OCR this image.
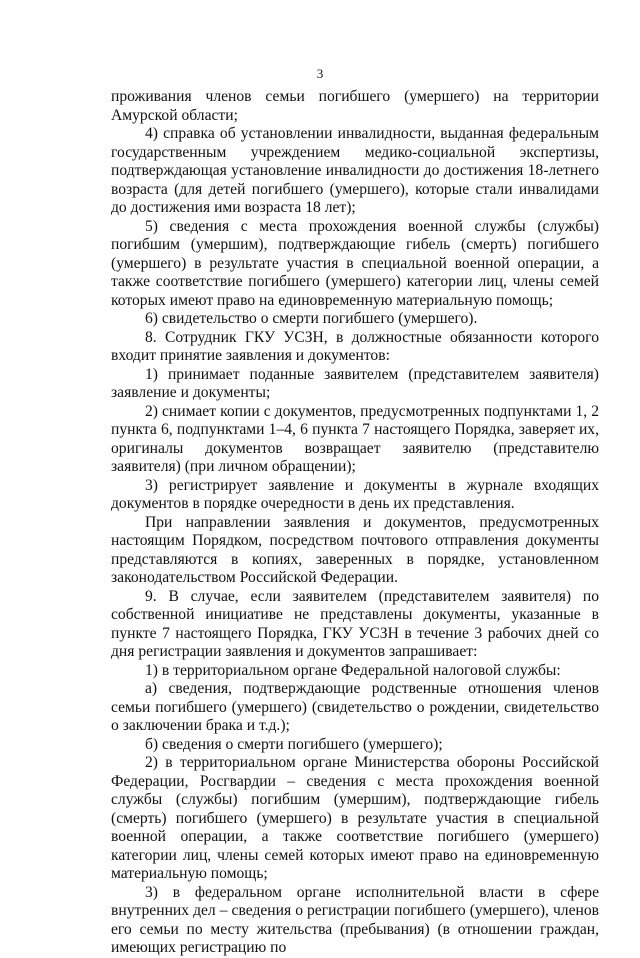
3

проживания членов семьи погибшего (умершего) на территории Амурской области;

4) справка об установлении инвалидности, выданная федеральным государственным учреждением медико-социальной экспертизы, подтверждающая установление инвалидности до достижения 18-летнего возраста (для детей погибшего (умершего), которые стали инвалидами до достижения ими возраста 18 лет);

5) сведения с места прохождения военной службы (службы) погибшим (умершим), подтверждающие гибель (смерть) погибшего (умершего) в результате участия в специальной военной операции, а также соответствие погибшего (умершего) категории лиц, члены семей которых имеют право на единовременную материальную помощь;

6) свидетельство о смерти погибшего (умершего).

8. Сотрудник ГКУ УСЗН, в должностные обязанности которого входит принятие заявления и документов:

1) принимает поданные заявителем (представителем заявителя) заявление и документы;

2) снимает копии с документов, предусмотренных подпунктами 1, 2 пункта 6, подпунктами 1–4, 6 пункта 7 настоящего Порядка, заверяет их, оригиналы документов возвращает заявителю (представителю заявителя) (при личном обращении);

3) регистрирует заявление и документы в журнале входящих документов в порядке очередности в день их представления.

При направлении заявления и документов, предусмотренных настоящим Порядком, посредством почтового отправления документы представляются в копиях, заверенных в порядке, установленном законодательством Российской Федерации.

9. В случае, если заявителем (представителем заявителя) по собственной инициативе не представлены документы, указанные в пункте 7 настоящего Порядка, ГКУ УСЗН в течение 3 рабочих дней со дня регистрации заявления и документов запрашивает:

1) в территориальном органе Федеральной налоговой службы:

а) сведения, подтверждающие родственные отношения членов семьи погибшего (умершего) (свидетельство о рождении, свидетельство о заключении брака и т.д.);

б) сведения о смерти погибшего (умершего);

2) в территориальном органе Министерства обороны Российской Федерации, Росгвардии – сведения с места прохождения военной службы (службы) погибшим (умершим), подтверждающие гибель (смерть) погибшего (умершего) в результате участия в специальной военной операции, а также соответствие погибшего (умершего) категории лиц, члены семей которых имеют право на единовременную материальную помощь;

3) в федеральном органе исполнительной власти в сфере внутренних дел – сведения о регистрации погибшего (умершего), членов его семьи по месту жительства (пребывания) (в отношении граждан, имеющих регистрацию по
